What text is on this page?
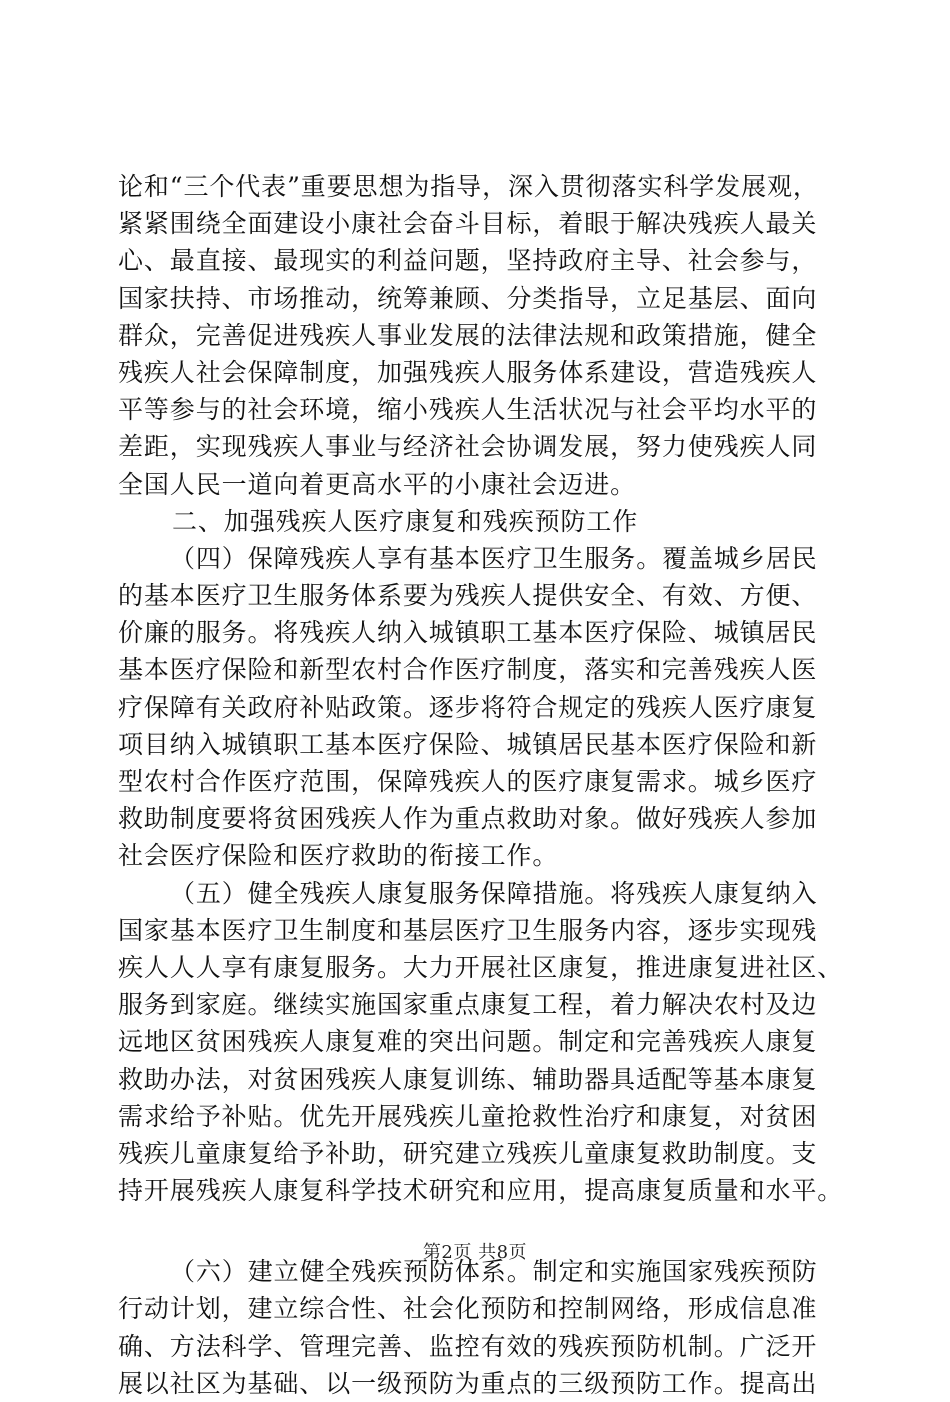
论和“三个代表”重要思想为指导，深入贯彻落实科学发展观，
紧紧围绕全面建设小康社会奋斗目标，着眼于解决残疾人最关
心、最直接、最现实的利益问题，坚持政府主导、社会参与，
国家扶持、市场推动，统筹兼顾、分类指导，立足基层、面向
群众，完善促进残疾人事业发展的法律法规和政策措施，健全
残疾人社会保障制度，加强残疾人服务体系建设，营造残疾人
平等参与的社会环境，缩小残疾人生活状况与社会平均水平的
差距，实现残疾人事业与经济社会协调发展，努力使残疾人同
全国人民一道向着更高水平的小康社会迈进。
二、加强残疾人医疗康复和残疾预防工作
（四）保障残疾人享有基本医疗卫生服务。覆盖城乡居民
的基本医疗卫生服务体系要为残疾人提供安全、有效、方便、
价廉的服务。将残疾人纳入城镇职工基本医疗保险、城镇居民
基本医疗保险和新型农村合作医疗制度，落实和完善残疾人医
疗保障有关政府补贴政策。逐步将符合规定的残疾人医疗康复
项目纳入城镇职工基本医疗保险、城镇居民基本医疗保险和新
型农村合作医疗范围，保障残疾人的医疗康复需求。城乡医疗
救助制度要将贫困残疾人作为重点救助对象。做好残疾人参加
社会医疗保险和医疗救助的衔接工作。
（五）健全残疾人康复服务保障措施。将残疾人康复纳入
国家基本医疗卫生制度和基层医疗卫生服务内容，逐步实现残
疾人人人享有康复服务。大力开展社区康复，推进康复进社区、
服务到家庭。继续实施国家重点康复工程，着力解决农村及边
远地区贫困残疾人康复难的突出问题。制定和完善残疾人康复
救助办法，对贫困残疾人康复训练、辅助器具适配等基本康复
需求给予补贴。优先开展残疾儿童抢救性治疗和康复，对贫困
残疾儿童康复给予补助，研究建立残疾儿童康复救助制度。支
持开展残疾人康复科学技术研究和应用，提高康复质量和水平。
（六）建立健全残疾预防体系。制定和实施国家残疾预防
行动计划，建立综合性、社会化预防和控制网络，形成信息准
确、方法科学、管理完善、监控有效的残疾预防机制。广泛开
展以社区为基础、以一级预防为重点的三级预防工作。提高出
第2页 共8页
